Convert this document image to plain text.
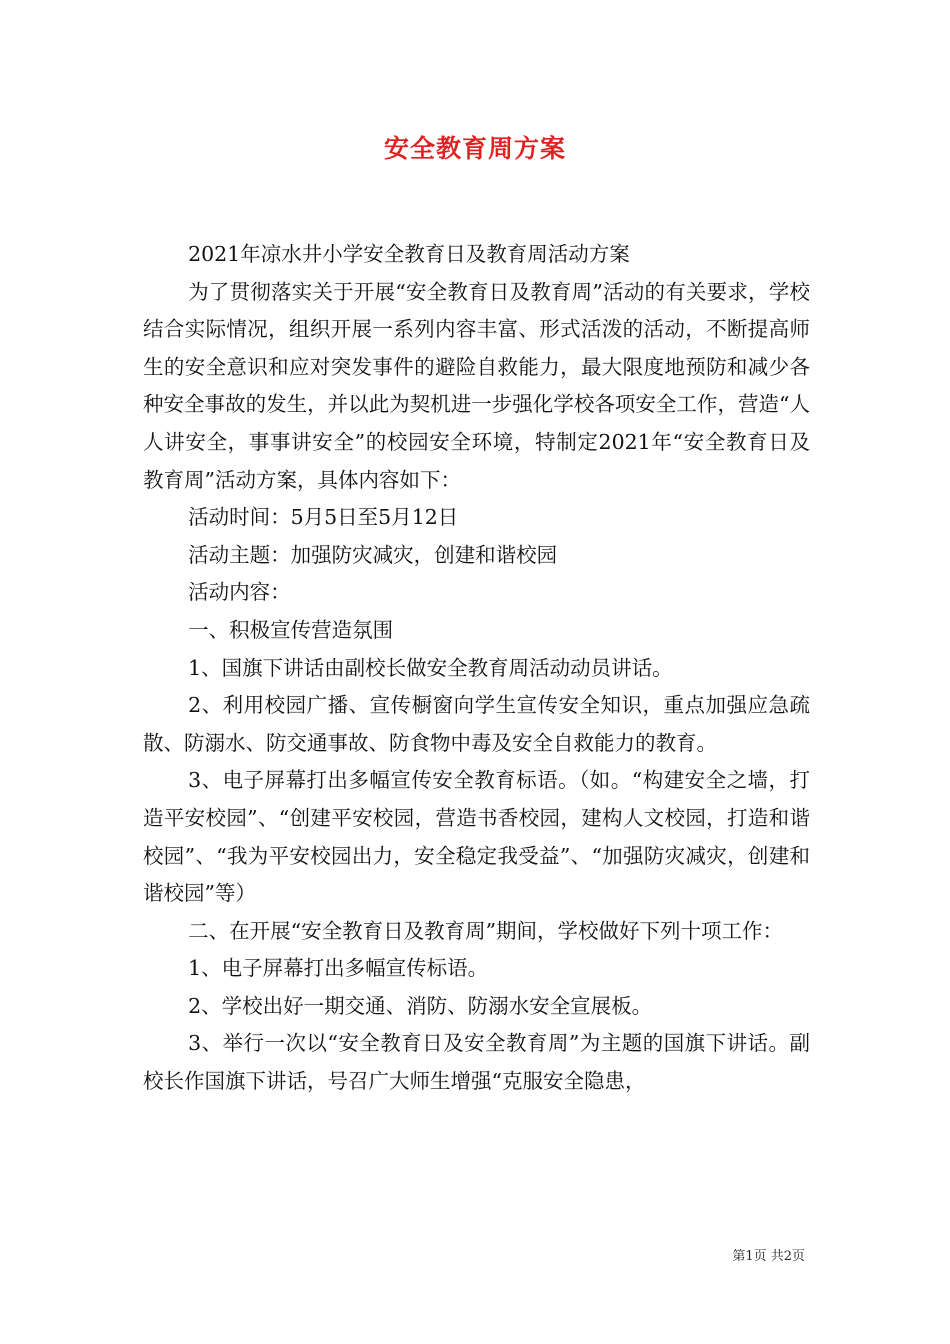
安全教育周方案

2021年凉水井小学安全教育日及教育周活动方案

为了贯彻落实关于开展“安全教育日及教育周”活动的有关要求，学校结合实际情况，组织开展一系列内容丰富、形式活泼的活动，不断提高师生的安全意识和应对突发事件的避险自救能力，最大限度地预防和减少各种安全事故的发生，并以此为契机进一步强化学校各项安全工作，营造“人人讲安全，事事讲安全”的校园安全环境，特制定2021年“安全教育日及教育周”活动方案，具体内容如下：

活动时间：5月5日至5月12日

活动主题：加强防灾减灾，创建和谐校园

活动内容：

一、积极宣传营造氛围

1、国旗下讲话由副校长做安全教育周活动动员讲话。

2、利用校园广播、宣传橱窗向学生宣传安全知识，重点加强应急疏散、防溺水、防交通事故、防食物中毒及安全自救能力的教育。

3、电子屏幕打出多幅宣传安全教育标语。（如。“构建安全之墙，打造平安校园”、“创建平安校园，营造书香校园，建构人文校园，打造和谐校园”、“我为平安校园出力，安全稳定我受益”、“加强防灾减灾，创建和谐校园”等）

二、在开展“安全教育日及教育周”期间，学校做好下列十项工作：

1、电子屏幕打出多幅宣传标语。

2、学校出好一期交通、消防、防溺水安全宣展板。

3、举行一次以“安全教育日及安全教育周”为主题的国旗下讲话。副校长作国旗下讲话，号召广大师生增强“克服安全隐患，

第1页 共2页
